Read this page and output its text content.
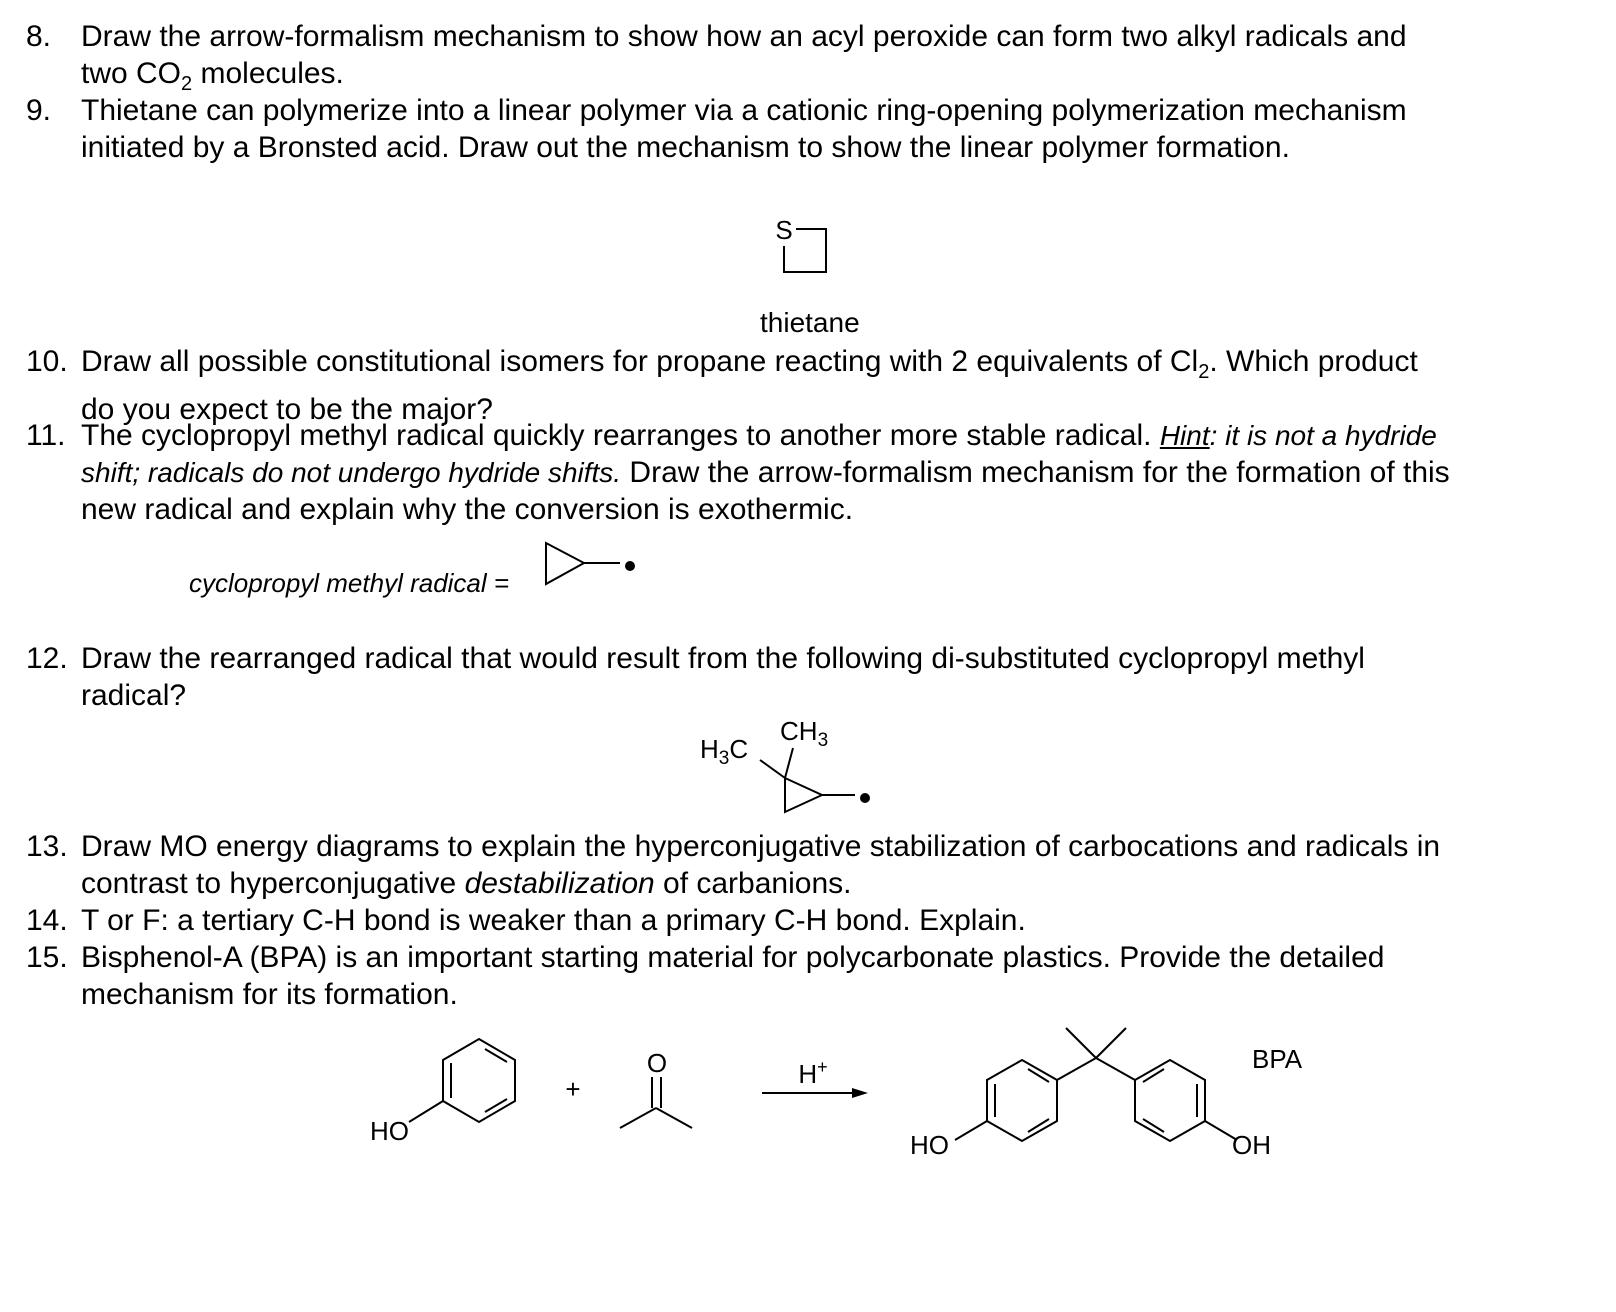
8. Draw the arrow-formalism mechanism to show how an acyl peroxide can form two alkyl radicals and
two $CO_2$ molecules.
9. Thietane can polymerize into a linear polymer via a cationic ring-opening polymerization mechanism
initiated by a Bronsted acid. Draw out the mechanism to show the linear polymer formation.
S
thietane
10. Draw all possible constitutional isomers for propane reacting with 2 equivalents of $Cl_2$. Which product
do you expect to be the major?
11. The cyclopropyl methyl radical quickly rearranges to another more stable radical. Hint: it is not a hydride
shift; radicals do not undergo hydride shifts. Draw the arrow-formalism mechanism for the formation of this
new radical and explain why the conversion is exothermic.
cyclopropyl methyl radical =
12. Draw the rearranged radical that would result from the following di-substituted cyclopropyl methyl
radical?
$H_3C$
$CH_3$
13. Draw MO energy diagrams to explain the hyperconjugative stabilization of carbocations and radicals in
contrast to hyperconjugative destabilization of carbanions.
14. T or F: a tertiary C-H bond is weaker than a primary C-H bond. Explain.
15. Bisphenol-A (BPA) is an important starting material for polycarbonate plastics. Provide the detailed
mechanism for its formation.
HO
+
O	H+
HO	OH
BPA
